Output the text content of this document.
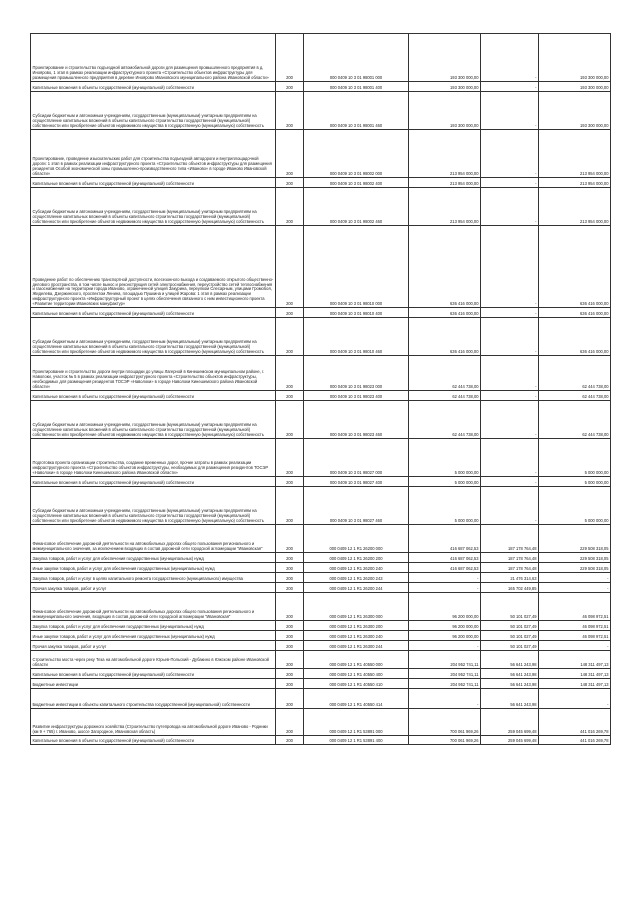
Проектирование и строительство подъездной автомобильной дороги для размещения промышленного предприятия в д. Иноярово, 1 этап в рамках реализации инфраструктурного проекта «Строительство объектов инфраструктуры для размещения промышленного предприятия в деревне Иноярово Ивановского муниципального района Ивановской области»	200	000 0409 10 3 01 98001 000	193 300 000,00	-	193 300 000,00
Капитальные вложения в объекты государственной (муниципальной) собственности	200	000 0409 10 3 01 98001 400	193 300 000,00	-	193 300 000,00
Субсидии бюджетным и автономным учреждениям, государственным (муниципальным) унитарным предприятиям на осуществление капитальных вложений в объекты капитального строительства государственной (муниципальной) собственности или приобретение объектов недвижимого имущества в государственную (муниципальную) собственность	200	000 0409 10 3 01 98001 460	193 300 000,00	-	193 300 000,00
Проектирование, проведение изыскательских работ для строительства подъездной автодороги и внутриплощадочной дороги: 1 этап в рамках реализации инфраструктурного проекта «Строительство объектов инфраструктуры для размещения резидентов Особой экономической зоны промышленно-производственного типа «Иваново» в городе Иваново Ивановской области»	200	000 0409 10 3 01 98002 000	213 954 000,00	-	213 954 000,00
Капитальные вложения в объекты государственной (муниципальной) собственности	200	000 0409 10 3 01 98002 400	213 954 000,00	-	213 954 000,00
Субсидии бюджетным и автономным учреждениям, государственным (муниципальным) унитарным предприятиям на осуществление капитальных вложений в объекты капитального строительства государственной (муниципальной) собственности или приобретение объектов недвижимого имущества в государственную (муниципальную) собственность	200	000 0409 10 3 01 98002 460	213 954 000,00	-	213 954 000,00
Проведение работ по обеспечению транспортной доступности, всесезонного выхода и создаваемого открытого общественно-делового пространства, в том числе вынос и реконструкция сетей электроснабжения, переустройство сетей теплоснабжения и газоснабжения на территории города Иваново, ограниченной улицей Закурина, переулком Слесарным, улицами Громобоя, Жиделева, Дзержинского, проспектом Ленина, площадью Пушкина и улицей Жарова: 1 этап в рамках реализации инфраструктурного проекта «Инфраструктурный проект в целях обеспечения связанного с ним инвестиционного проекта «Развитие территории Ивановских мануфактур»	200	000 0409 10 3 01 98010 000	636 416 000,00	-	636 416 000,00
Капитальные вложения в объекты государственной (муниципальной) собственности	200	000 0409 10 3 01 98010 400	636 416 000,00	-	636 416 000,00
Субсидии бюджетным и автономным учреждениям, государственным (муниципальным) унитарным предприятиям на осуществление капитальных вложений в объекты капитального строительства государственной (муниципальной) собственности или приобретение объектов недвижимого имущества в государственную (муниципальную) собственность	200	000 0409 10 3 01 98010 460	636 416 000,00	-	636 416 000,00
Проектирование и строительство дороги внутри площадки до улицы Лагерной в Кинешемском муниципальном районе, г. Наволоки, участок № 5 в рамках реализации инфраструктурного проекта «Строительство объектов инфраструктуры, необходимых для размещения резидентов ТОСЭР «Наволоки» в городе Наволоки Кинешемского района Ивановской области»	200	000 0409 10 3 01 98023 000	62 444 738,00	-	62 444 738,00
Капитальные вложения в объекты государственной (муниципальной) собственности	200	000 0409 10 3 01 98023 400	62 444 738,00	-	62 444 738,00
Субсидии бюджетным и автономным учреждениям, государственным (муниципальным) унитарным предприятиям на осуществление капитальных вложений в объекты капитального строительства государственной (муниципальной) собственности или приобретение объектов недвижимого имущества в государственную (муниципальную) собственность	200	000 0409 10 3 01 98023 460	62 444 738,00	-	62 444 738,00
Подготовка проекта организации строительства, создание временных дорог, прочие затраты в рамках реализации инфраструктурного проекта «Строительство объектов инфраструктуры, необходимых для размещения резидентов ТОСЭР «Наволоки» в городе Наволоки Кинешемского района Ивановской области»	200	000 0409 10 3 01 98027 000	5 000 000,00	-	5 000 000,00
Капитальные вложения в объекты государственной (муниципальной) собственности	200	000 0409 10 3 01 98027 400	5 000 000,00	-	5 000 000,00
Субсидии бюджетным и автономным учреждениям, государственным (муниципальным) унитарным предприятиям на осуществление капитальных вложений в объекты капитального строительства государственной (муниципальной) собственности или приобретение объектов недвижимого имущества в государственную (муниципальную) собственность	200	000 0409 10 3 01 98027 460	5 000 000,00	-	5 000 000,00
Финансовое обеспечение дорожной деятельности на автомобильных дорогах общего пользования регионального и межмуниципального значения, за исключением входящих в состав дорожной сети городской агломерации "Ивановская"	200	000 0409 12 1 R1 26200 000	416 687 062,53	187 178 764,48	229 508 318,05
Закупка товаров, работ и услуг для обеспечения государственных (муниципальных) нужд	200	000 0409 12 1 R1 26200 200	416 687 062,53	187 178 764,48	229 508 318,05
Иные закупки товаров, работ и услуг для обеспечения государственных (муниципальных) нужд	200	000 0409 12 1 R1 26200 240	416 687 062,53	187 178 764,48	229 508 318,05
Закупка товаров, работ и услуг в целях капитального ремонта государственного (муниципального) имущества	200	000 0409 12 1 R1 26200 243	-	21 476 314,63	-
Прочая закупка товаров, работ и услуг	200	000 0409 12 1 R1 26200 244	-	165 702 449,85	-
Финансовое обеспечение дорожной деятельности на автомобильных дорогах общего пользования регионального и межмуниципального значения, входящих в состав дорожной сети городской агломерации "Ивановская"	200	000 0409 12 1 R1 26300 000	96 200 000,00	50 101 027,49	46 098 972,51
Закупка товаров, работ и услуг для обеспечения государственных (муниципальных) нужд	200	000 0409 12 1 R1 26300 200	96 200 000,00	50 101 027,49	46 098 972,51
Иные закупки товаров, работ и услуг для обеспечения государственных (муниципальных) нужд	200	000 0409 12 1 R1 26300 240	96 200 000,00	50 101 027,49	46 098 972,51
Прочая закупка товаров, работ и услуг	200	000 0409 12 1 R1 26300 244	-	50 101 027,49	-
Строительство моста через реку Теза на автомобильной дороге Юрьев-Польский - Дубакино в Южском районе Ивановской области	200	000 0409 12 1 R1 40550 000	204 952 741,11	56 641 243,98	148 311 497,13
Капитальные вложения в объекты государственной (муниципальной) собственности	200	000 0409 12 1 R1 40550 400	204 952 741,11	56 641 243,98	148 311 497,13
Бюджетные инвестиции	200	000 0409 12 1 R1 40550 410	204 952 741,11	56 641 243,98	148 311 497,13
Бюджетные инвестиции в объекты капитального строительства государственной (муниципальной) собственности	200	000 0409 12 1 R1 40550 414	-	56 641 243,98	-
Развитие инфраструктуры дорожного хозяйства (Строительство путепровода на автомобильной дороге Иваново - Родники (км 9 + 765) г. Иваново, шоссе Загородное, Ивановская область)	200	000 0409 12 1 R1 53891 000	700 061 969,26	259 045 699,48	441 016 269,78
Капитальные вложения в объекты государственной (муниципальной) собственности	200	000 0409 12 1 R1 53891 400	700 061 969,26	259 045 699,48	441 016 269,78
